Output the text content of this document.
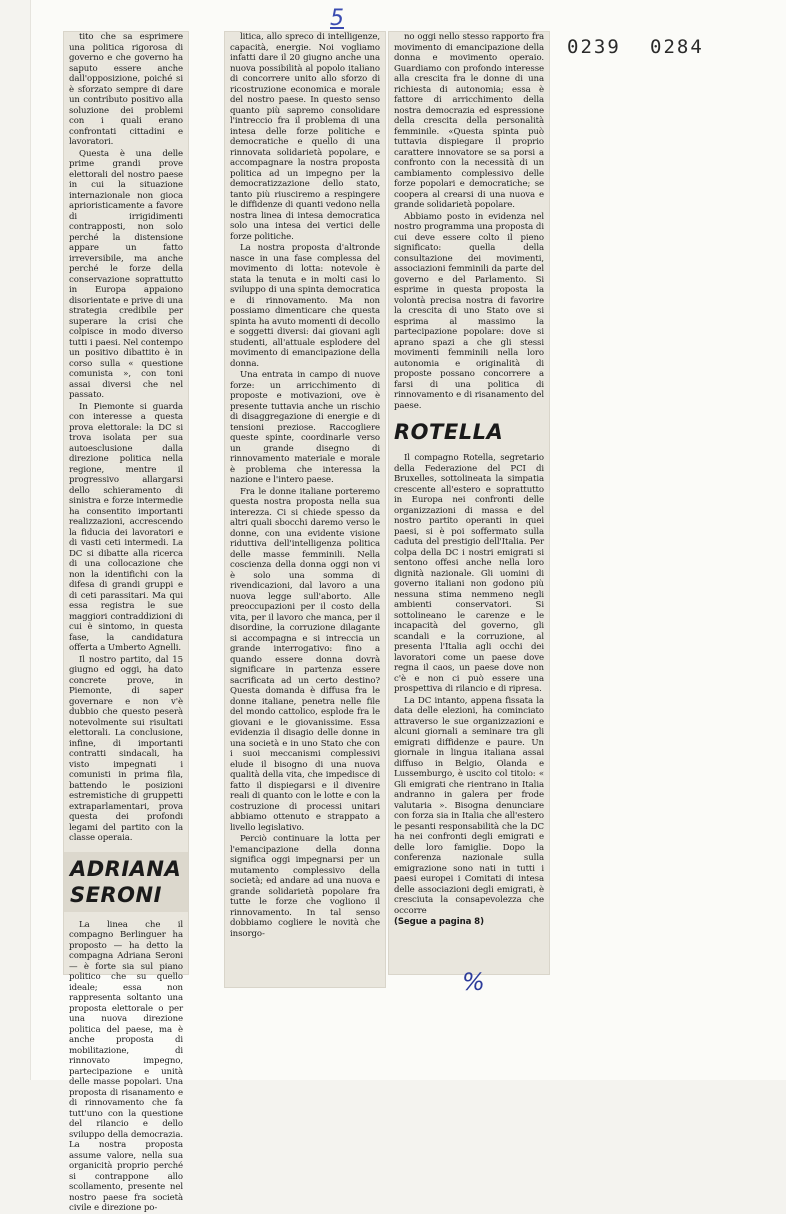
5
0239 0284

tito che sa esprimere una politica rigorosa di governo e che governo ha saputo essere anche dall'opposizione, poiché si è sforzato sempre di dare un contributo positivo alla soluzione dei problemi con i quali erano confrontati cittadini e lavoratori.

Questa è una delle prime grandi prove elettorali del nostro paese in cui la situazione internazionale non gioca aprioristicamente a favore di irrigidimenti contrapposti, non solo perché la distensione appare un fatto irreversibile, ma anche perché le forze della conservazione soprattutto in Europa appaiono disorientate e prive di una strategia credibile per superare la crisi che colpisce in modo diverso tutti i paesi. Nel contempo un positivo dibattito è in corso sulla « questione comunista », con toni assai diversi che nel passato.

In Piemonte si guarda con interesse a questa prova elettorale: la DC si trova isolata per sua autoesclusione dalla direzione politica nella regione, mentre il progressivo allargarsi dello schieramento di sinistra e forze intermedie ha consentito importanti realizzazioni, accrescendo la fiducia dei lavoratori e di vasti ceti intermedi. La DC si dibatte alla ricerca di una collocazione che non la identifichi con la difesa di grandi gruppi e di ceti parassitari. Ma qui essa registra le sue maggiori contraddizioni di cui è sintomo, in questa fase, la candidatura offerta a Umberto Agnelli.

Il nostro partito, dal 15 giugno ed oggi, ha dato concrete prove, in Piemonte, di saper governare e non v'è dubbio che questo peserà notevolmente sui risultati elettorali. La conclusione, infine, di importanti contratti sindacali, ha visto impegnati i comunisti in prima fila, battendo le posizioni estremistiche di gruppetti extraparlamentari, prova questa dei profondi legami del partito con la classe operaia.

ADRIANA SERONI

La linea che il compagno Berlinguer ha proposto — ha detto la compagna Adriana Seroni — è forte sia sul piano politico che su quello ideale; essa non rappresenta soltanto una proposta elettorale o per una nuova direzione politica del paese, ma è anche proposta di mobilitazione, di rinnovato impegno, partecipazione e unità delle masse popolari. Una proposta di risanamento e di rinnovamento che fa tutt'uno con la questione del rilancio e dello sviluppo della democrazia. La nostra proposta assume valore, nella sua organicità proprio perché si contrappone allo scollamento, presente nel nostro paese fra società civile e direzione po-

litica, allo spreco di intelligenze, capacità, energie. Noi vogliamo infatti dare il 20 giugno anche una nuova possibilità al popolo italiano di concorrere unito allo sforzo di ricostruzione economica e morale del nostro paese. In questo senso quanto più sapremo consolidare l'intreccio fra il problema di una intesa delle forze politiche e democratiche e quello di una rinnovata solidarietà popolare, e accompagnare la nostra proposta politica ad un impegno per la democratizzazione dello stato, tanto più riusciremo a respingere le diffidenze di quanti vedono nella nostra linea di intesa democratica solo una intesa dei vertici delle forze politiche.

La nostra proposta d'altronde nasce in una fase complessa del movimento di lotta: notevole è stata la tenuta e in molti casi lo sviluppo di una spinta democratica e di rinnovamento. Ma non possiamo dimenticare che questa spinta ha avuto momenti di decollo e soggetti diversi: dai giovani agli studenti, all'attuale esplodere del movimento di emancipazione della donna.

Una entrata in campo di nuove forze: un arricchimento di proposte e motivazioni, ove è presente tuttavia anche un rischio di disaggregazione di energie e di tensioni preziose. Raccogliere queste spinte, coordinarle verso un grande disegno di rinnovamento materiale e morale è problema che interessa la nazione e l'intero paese.

Fra le donne italiane porteremo questa nostra proposta nella sua interezza. Ci si chiede spesso da altri quali sbocchi daremo verso le donne, con una evidente visione riduttiva dell'intelligenza politica delle masse femminili. Nella coscienza della donna oggi non vi è solo una somma di rivendicazioni, dal lavoro a una nuova legge sull'aborto. Alle preoccupazioni per il costo della vita, per il lavoro che manca, per il disordine, la corruzione dilagante si accompagna e si intreccia un grande interrogativo: fino a quando essere donna dovrà significare in partenza essere sacrificata ad un certo destino? Questa domanda è diffusa fra le donne italiane, penetra nelle file del mondo cattolico, esplode fra le giovani e le giovanissime. Essa evidenzia il disagio delle donne in una società e in uno Stato che con i suoi meccanismi complessivi elude il bisogno di una nuova qualità della vita, che impedisce di fatto il dispiegarsi e il divenire reali di quanto con le lotte e con la costruzione di processi unitari abbiamo ottenuto e strappato a livello legislativo.

Perciò continuare la lotta per l'emancipazione della donna significa oggi impegnarsi per un mutamento complessivo della società; ed andare ad una nuova e grande solidarietà popolare fra tutte le forze che vogliono il rinnovamento. In tal senso dobbiamo cogliere le novità che insorgo-

no oggi nello stesso rapporto fra movimento di emancipazione della donna e movimento operaio. Guardiamo con profondo interesse alla crescita fra le donne di una richiesta di autonomia; essa è fattore di arricchimento della nostra democrazia ed espressione della crescita della personalità femminile. «Questa spinta può tuttavia dispiegare il proprio carattere innovatore se sa porsi a confronto con la necessità di un cambiamento complessivo delle forze popolari e democratiche; se coopera al crearsi di una nuova e grande solidarietà popolare.

Abbiamo posto in evidenza nel nostro programma una proposta di cui deve essere colto il pieno significato: quella della consultazione dei movimenti, associazioni femminili da parte del governo e del Parlamento. Si esprime in questa proposta la volontà precisa nostra di favorire la crescita di uno Stato ove si esprima al massimo la partecipazione popolare: dove si aprano spazi a che gli stessi movimenti femminili nella loro autonomia e originalità di proposte possano concorrere a farsi di una politica di rinnovamento e di risanamento del paese.

ROTELLA

Il compagno Rotella, segretario della Federazione del PCI di Bruxelles, sottolineata la simpatia crescente all'estero e soprattutto in Europa nei confronti delle organizzazioni di massa e del nostro partito operanti in quei paesi, si è poi soffermato sulla caduta del prestigio dell'Italia. Per colpa della DC i nostri emigrati si sentono offesi anche nella loro dignità nazionale. Gli uomini di governo italiani non godono più nessuna stima nemmeno negli ambienti conservatori. Si sottolineano le carenze e le incapacità del governo, gli scandali e la corruzione, al presenta l'Italia agli occhi dei lavoratori come un paese dove regna il caos, un paese dove non c'è e non ci può essere una prospettiva di rilancio e di ripresa.

La DC intanto, appena fissata la data delle elezioni, ha cominciato attraverso le sue organizzazioni e alcuni giornali a seminare tra gli emigrati diffidenze e paure. Un giornale in lingua italiana assai diffuso in Belgio, Olanda e Lussemburgo, è uscito col titolo: « Gli emigrati che rientrano in Italia andranno in galera per frode valutaria ». Bisogna denunciare con forza sia in Italia che all'estero le pesanti responsabilità che la DC ha nei confronti degli emigrati e delle loro famiglie. Dopo la conferenza nazionale sulla emigrazione sono nati in tutti i paesi europei i Comitati di intesa delle associazioni degli emigrati, è cresciuta la consapevolezza che occorre

(Segue a pagina 8)

%
